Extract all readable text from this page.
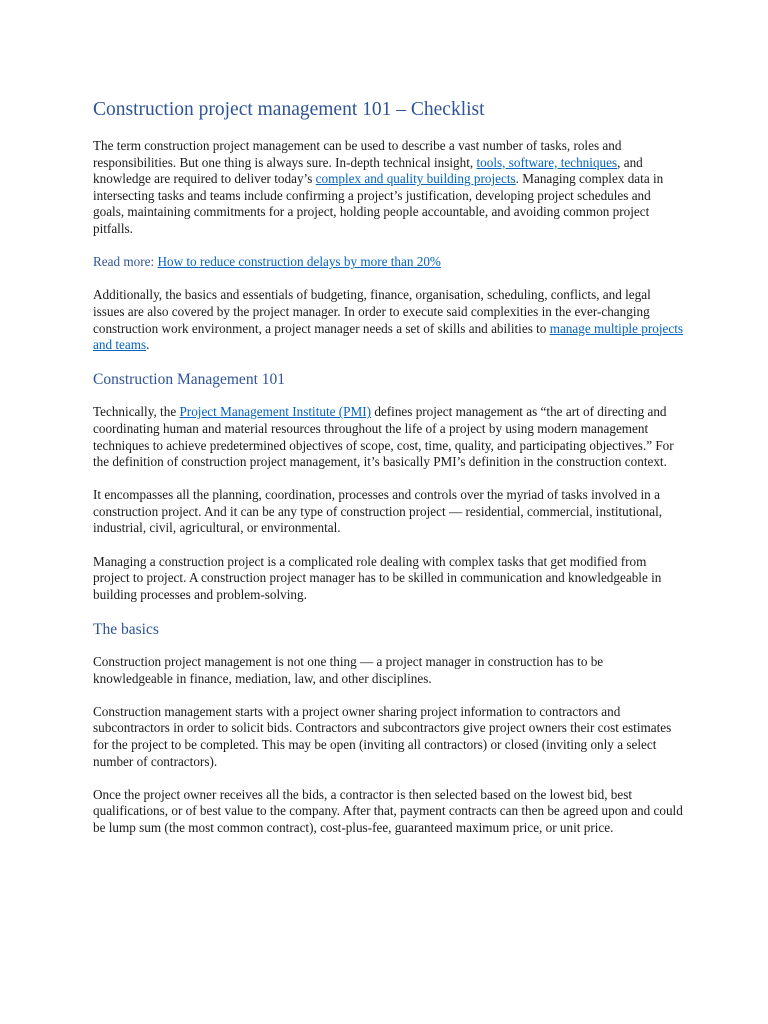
Construction project management 101 – Checklist

The term construction project management can be used to describe a vast number of tasks, roles and responsibilities. But one thing is always sure. In-depth technical insight, tools, software, techniques, and knowledge are required to deliver today’s complex and quality building projects. Managing complex data in intersecting tasks and teams include confirming a project’s justification, developing project schedules and goals, maintaining commitments for a project, holding people accountable, and avoiding common project pitfalls.

Read more: How to reduce construction delays by more than 20%

Additionally, the basics and essentials of budgeting, finance, organisation, scheduling, conflicts, and legal issues are also covered by the project manager. In order to execute said complexities in the ever-changing construction work environment, a project manager needs a set of skills and abilities to manage multiple projects and teams.

Construction Management 101

Technically, the Project Management Institute (PMI) defines project management as “the art of directing and coordinating human and material resources throughout the life of a project by using modern management techniques to achieve predetermined objectives of scope, cost, time, quality, and participating objectives.” For the definition of construction project management, it’s basically PMI’s definition in the construction context.

It encompasses all the planning, coordination, processes and controls over the myriad of tasks involved in a construction project. And it can be any type of construction project — residential, commercial, institutional, industrial, civil, agricultural, or environmental.

Managing a construction project is a complicated role dealing with complex tasks that get modified from project to project. A construction project manager has to be skilled in communication and knowledgeable in building processes and problem-solving.

The basics

Construction project management is not one thing — a project manager in construction has to be knowledgeable in finance, mediation, law, and other disciplines.

Construction management starts with a project owner sharing project information to contractors and subcontractors in order to solicit bids. Contractors and subcontractors give project owners their cost estimates for the project to be completed. This may be open (inviting all contractors) or closed (inviting only a select number of contractors).

Once the project owner receives all the bids, a contractor is then selected based on the lowest bid, best qualifications, or of best value to the company. After that, payment contracts can then be agreed upon and could be lump sum (the most common contract), cost-plus-fee, guaranteed maximum price, or unit price.
